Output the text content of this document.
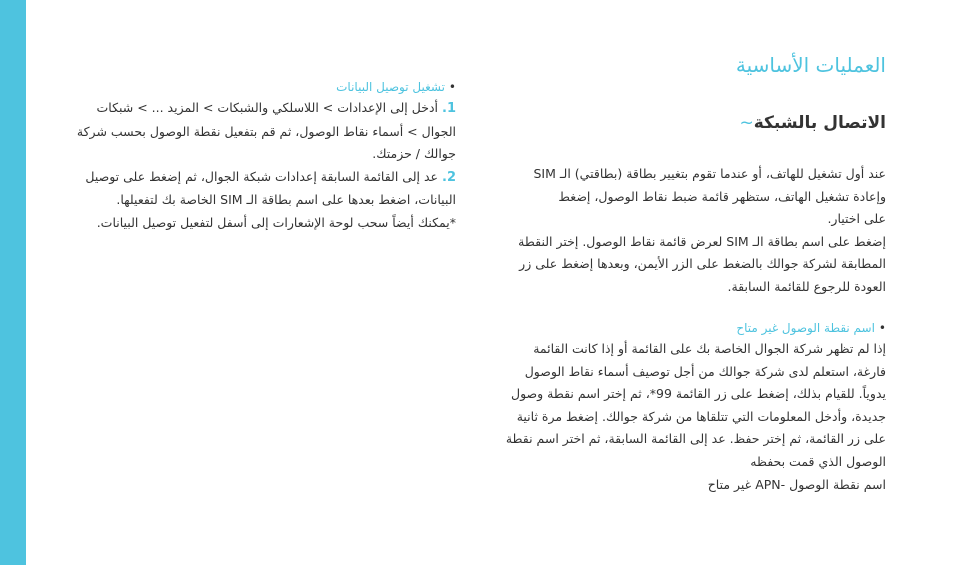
العمليات الأساسية
الاتصال بالشبكة~

عند أول تشغيل للهاتف، أو عندما تقوم بتغيير بطاقة (بطاقتي) الـ SIM

وإعادة تشغيل الهاتف، ستظهر قائمة ضبط نقاط الوصول، إضغط

على اختيار.

إضغط على اسم بطاقة الـ SIM لعرض قائمة نقاط الوصول. إختر النقطة

المطابقة لشركة جوالك بالضغط على الزر الأيمن، وبعدها إضغط على زر

العودة للرجوع للقائمة السابقة.

•اسم نقطة الوصول غير متاح

إذا لم تظهر شركة الجوال الخاصة بك على القائمة أو إذا كانت القائمة

فارغة، استعلم لدى شركة جوالك من أجل توصيف أسماء نقاط الوصول

يدوياً. للقيام بذلك، إضغط على زر القائمة 99*، ثم إختر اسم نقطة وصول

جديدة، وأدخل المعلومات التي تتلقاها من شركة جوالك. إضغط مرة ثانية

على زر القائمة، ثم إختر حفظ. عد إلى القائمة السابقة، ثم اختر اسم نقطة

الوصول الذي قمت بحفظه

اسم نقطة الوصول -APN غير متاح

•تشغيل توصيل البيانات

1.أدخل إلى الإعدادات > اللاسلكي والشبكات > المزيد ... > شبكات

الجوال > أسماء نقاط الوصول، ثم قم بتفعيل نقطة الوصول بحسب شركة

جوالك / حزمتك.

2.عد إلى القائمة السابقة إعدادات شبكة الجوال، ثم إضغط على توصيل

البيانات، اضغط بعدها على اسم بطاقة الـ SIM الخاصة بك لتفعيلها.

*يمكنك أيضاً سحب لوحة الإشعارات إلى أسفل لتفعيل توصيل البيانات.
